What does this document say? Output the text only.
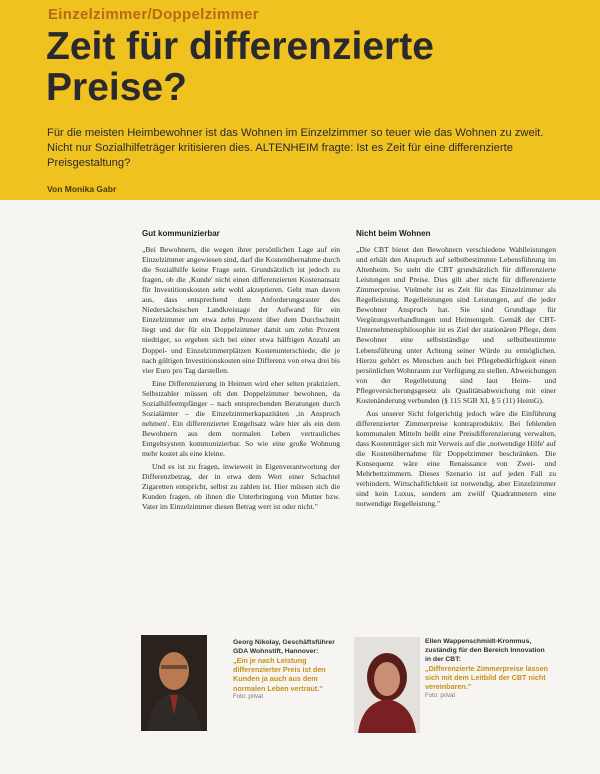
Einzelzimmer/Doppelzimmer
Zeit für differenzierte Preise?

Für die meisten Heimbewohner ist das Wohnen im Einzelzimmer so teuer wie das Wohnen zu zweit. Nicht nur Sozialhilfeträger kritisieren dies. ALTENHEIM fragte: Ist es Zeit für eine differenzierte Preisgestaltung?

Von Monika Gabr
Gut kommunizierbar

„Bei Bewohnern, die wegen ihrer persönlichen Lage auf ein Einzelzimmer angewiesen sind, darf die Kostenübernahme durch die Sozialhilfe keine Frage sein. Grundsätzlich ist jedoch zu fragen, ob die ‚Kunde' nicht einen differenzierten Kostenansatz für Investitionskosten sehr wohl akzeptieren. Geht man davon aus, dass entsprechend dem Anforderungsraster des Niedersächsischen Landkreistage der Aufwand für ein Einzelzimmer um etwa zehn Prozent über dem Durchschnitt liegt und der für ein Doppelzimmer damit um zehn Prozent niedriger, so ergeben sich bei einer etwa hälftigen Anzahl an Doppel- und Einzelzimmerplätzen Kostenunterschiede, die je nach gültigen Investitionskosten eine Differenz von etwa drei bis vier Euro pro Tag darstellen.

Eine Differenzierung in Heimen wird eher selten praktiziert. Selbstzahler müssen oft den Doppelzimmer bewohnen, da Sozialhilfeempfänger – nach entsprechenden Beratungen durch Sozialämter – die Einzelzimmerkapazitäten ‚in Anspruch nehmen'. Ein differenzierter Entgeltsatz wäre hier als ein dem Bewohnern aus dem normalen Leben vertrauliches Entgeltsystem kommunizierbar. So wie eine große Wohnung mehr kostet als eine kleine.

Und es ist zu fragen, inwieweit in Eigenverantwortung der Differenzbetrag, der in etwa dem Wert einer Schachtel Zigaretten entspricht, selbst zu zahlen ist. Hier müssen sich die Kunden fragen, ob ihnen die Unterbringung von Mutter bzw. Vater im Einzelzimmer diesen Betrag wert ist oder nicht."

Nicht beim Wohnen

„Die CBT bietet den Bewohnern verschiedene Wahlleistungen und erhält den Anspruch auf selbstbestimmte Lebensführung im Altenheim. So steht die CBT grundsätzlich für differenzierte Leistungen und Preise. Dies gilt aber nicht für differenzierte Zimmerpreise. Vielmehr ist es Zeit für das Einzelzimmer als Regelleistung. Regelleistungen sind Leistungen, auf die jeder Bewohner Anspruch hat. Sie sind Grundlage für Vergütungsverhandlungen und Heimentgelt. Gemäß der CBT-Unternehmensphilosophie ist es Ziel der stationären Pflege, dem Bewohner eine selbstständige und selbstbestimmte Lebensführung unter Achtung seiner Würde zu ermöglichen. Hierzu gehört es Menschen auch bei Pflegebedürftigkeit einen persönlichen Wohnraum zur Verfügung zu stellen. Abweichungen von der Regelleistung sind laut Heim- und Pflegeversicherungsgesetz als Qualitätsabweichung mit einer Kostenänderung verbunden (§ 115 SGB XI, § 5 (11) HeimG).

Aus unserer Sicht folgerichtig jedoch wäre die Einführung differenzierter Zimmerpreise kontraproduktiv. Bei fehlenden kommunalen Mitteln heißt eine Preisdifferenzierung verwalten, dass Kostenträger sich mit Verweis auf die ‚notwendige Hilfe' auf die Kostenübernahme für Doppelzimmer beschränken. Die Konsequenz wäre eine Renaissance von Zwei- und Mehrbettzimmern. Dieses Szenario ist auf jeden Fall zu verhindern. Wirtschaftlichkeit ist notwendig, aber Einzelzimmer sind kein Luxus, sondern am zwölf Quadratmetern eine notwendige Regelleistung."

Georg Nikolay, Geschäftsführer GDA Wohnstift, Hannover:
„Ein je nach Leistung differenzierter Preis ist den Kunden ja auch aus dem normalen Leben vertraut."
Foto: privat
Ellen Wappenschmidt-Krommus, zuständig für den Bereich Innovation in der CBT:
„Differenzierte Zimmerpreise lassen sich mit dem Leitbild der CBT nicht vereinbaren."
Foto: privat
